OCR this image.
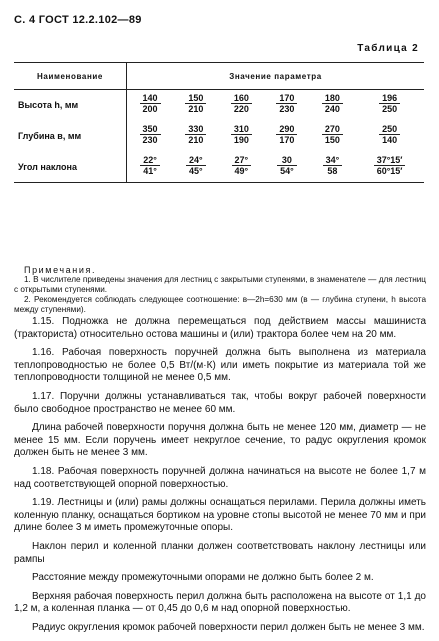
С. 4 ГОСТ 12.2.102—89
Таблица 2
Наименование	Значение параметра					
Высота h, мм	$\frac{140}{200}$	$\frac{150}{210}$	$\frac{160}{220}$	$\frac{170}{230}$	$\frac{180}{240}$	$\frac{196}{250}$

Глубина в, мм	$\frac{350}{230}$	$\frac{330}{210}$	$\frac{310}{190}$	$\frac{290}{170}$	$\frac{270}{150}$	$\frac{250}{140}$

Угол наклона	$\frac{22^\circ}{41^\circ}$	$\frac{24^\circ}{45^\circ}$	$\frac{27^\circ}{49^\circ}$	$\frac{30}{54^\circ}$	$\frac{34^\circ}{58}$	$\frac{37^\circ 15'}{60^\circ 15'}$
Примечания.

1. В числителе приведены значения для лестниц с закрытыми ступенями, в знаменателе — для лестниц с открытыми ступенями.

2. Рекомендуется соблюдать следующее соотношение: в—2h=630 мм (в — глубина ступени, h высота между ступенями).

1.15. Подножка не должна перемещаться под действием массы машиниста (тракториста) относительно остова машины и (или) трактора более чем на 20 мм.

1.16. Рабочая поверхность поручней должна быть выполнена из материала теплопроводностью не более 0,5 Вт/(м·К) или иметь покрытие из материала той же теплопроводности толщиной не менее 0,5 мм.

1.17. Поручни должны устанавливаться так, чтобы вокруг рабочей поверхности было свободное пространство не менее 60 мм.

Длина рабочей поверхности поручня должна быть не менее 120 мм, диаметр — не менее 15 мм. Если поручень имеет некруглое сечение, то радус округления кромок должен быть не менее 3 мм.

1.18. Рабочая поверхность поручней должна начинаться на высоте не более 1,7 м над соответствующей опорной поверхностью.

1.19. Лестницы и (или) рамы должны оснащаться перилами. Перила должны иметь коленную планку, оснащаться бортиком на уровне стопы высотой не менее 70 мм и при длине более 3 м иметь промежуточные опоры.

Наклон перил и коленной планки должен соответствовать наклону лестницы или рампы

Расстояние между промежуточными опорами не должно быть более 2 м.

Верхняя рабочая поверхность перил должна быть расположена на высоте от 1,1 до 1,2 м, а коленная планка — от 0,45 до 0,6 м над опорной поверхностью.

Радиус округления кромок рабочей поверхности перил должен быть не менее 3 мм.
